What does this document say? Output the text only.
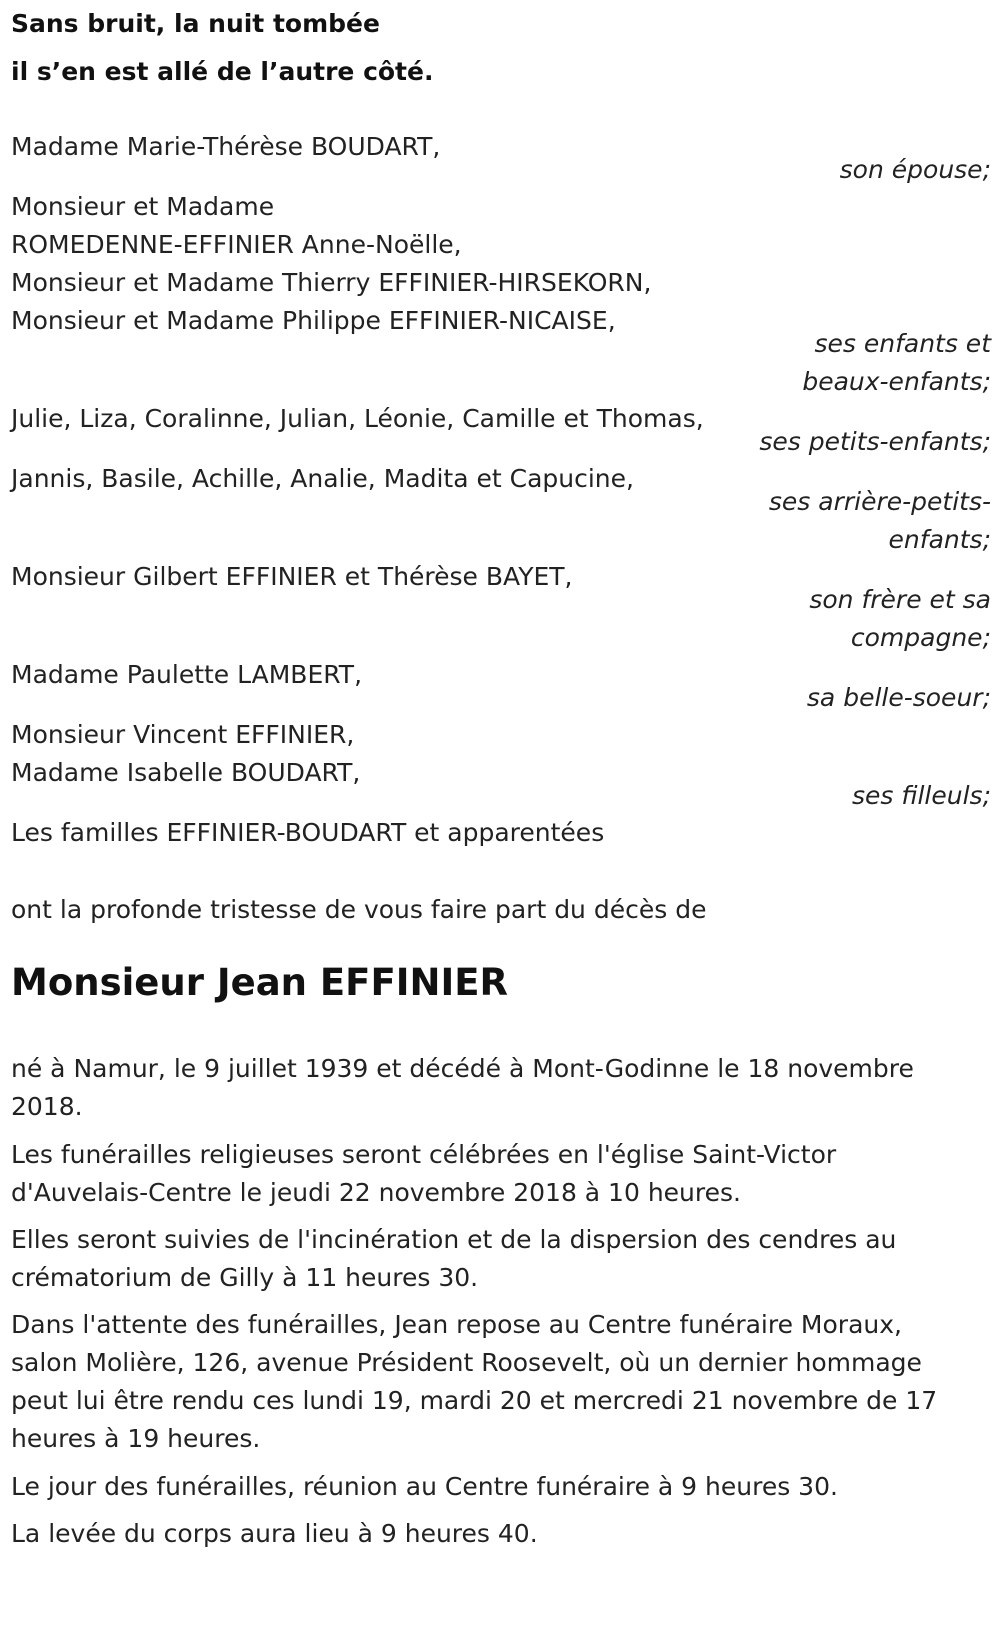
Sans bruit, la nuit tombée
il s’en est allé de l’autre côté.
Madame Marie-Thérèse BOUDART,
son épouse;
Monsieur et Madame
ROMEDENNE-EFFINIER Anne-Noëlle,
Monsieur et Madame Thierry EFFINIER-HIRSEKORN,
Monsieur et Madame Philippe EFFINIER-NICAISE,
ses enfants et
beaux-enfants;
Julie, Liza, Coralinne, Julian, Léonie, Camille et Thomas,
ses petits-enfants;
Jannis, Basile, Achille, Analie, Madita et Capucine,
ses arrière-petits-
enfants;
Monsieur Gilbert EFFINIER et Thérèse BAYET,
son frère et sa
compagne;
Madame Paulette LAMBERT,
sa belle-soeur;
Monsieur Vincent EFFINIER,
Madame Isabelle BOUDART,
ses filleuls;
Les familles EFFINIER-BOUDART et apparentées
ont la profonde tristesse de vous faire part du décès de
Monsieur Jean EFFINIER
né à Namur, le 9 juillet 1939 et décédé à Mont-Godinne le 18 novembre 2018.
Les funérailles religieuses seront célébrées en l'église Saint-Victor d'Auvelais-Centre le jeudi 22 novembre 2018 à 10 heures.
Elles seront suivies de l'incinération et de la dispersion des cendres au crématorium de Gilly à 11 heures 30.
Dans l'attente des funérailles, Jean repose au Centre funéraire Moraux, salon Molière, 126, avenue Président Roosevelt, où un dernier hommage peut lui être rendu ces lundi 19, mardi 20 et mercredi 21 novembre de 17 heures à 19 heures.
Le jour des funérailles, réunion au Centre funéraire à 9 heures 30.
La levée du corps aura lieu à 9 heures 40.
